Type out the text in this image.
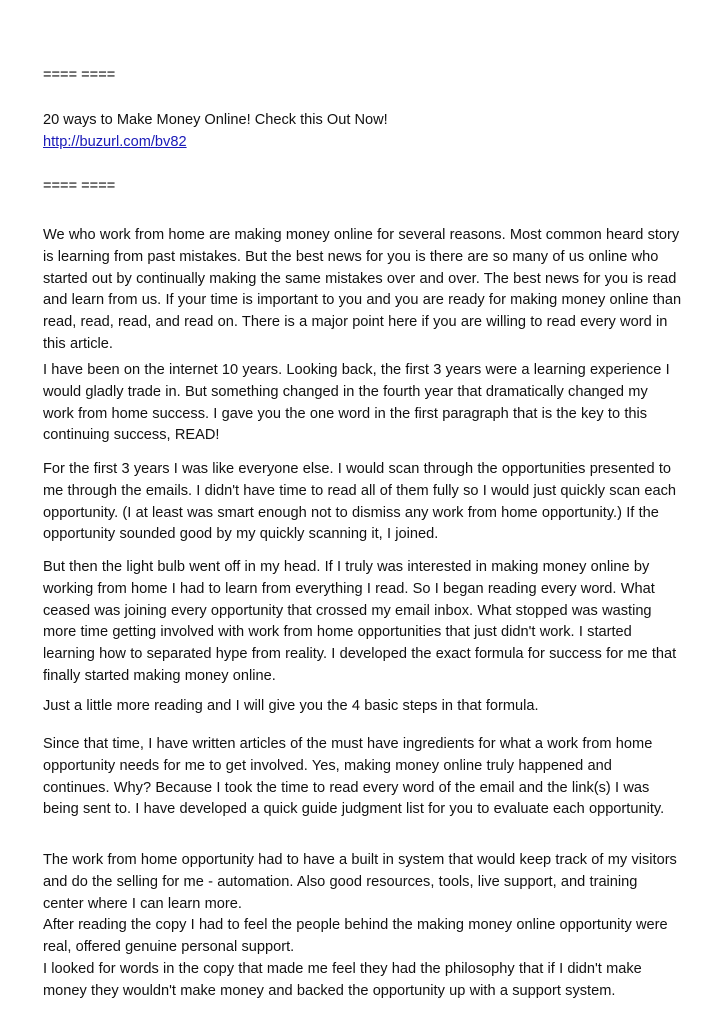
==== ====
20 ways to Make Money Online! Check this Out Now!
http://buzurl.com/bv82
==== ====
We who work from home are making money online for several reasons. Most common heard story
is learning from past mistakes. But the best news for you is there are so many of us online who
started out by continually making the same mistakes over and over. The best news for you is read
and learn from us. If your time is important to you and you are ready for making money online than
read, read, read, and read on. There is a major point here if you are willing to read every word in
this article.
I have been on the internet 10 years. Looking back, the first 3 years were a learning experience I
would gladly trade in. But something changed in the fourth year that dramatically changed my
work from home success. I gave you the one word in the first paragraph that is the key to this
continuing success, READ!
For the first 3 years I was like everyone else. I would scan through the opportunities presented to
me through the emails. I didn't have time to read all of them fully so I would just quickly scan each
opportunity. (I at least was smart enough not to dismiss any work from home opportunity.) If the
opportunity sounded good by my quickly scanning it, I joined.
But then the light bulb went off in my head. If I truly was interested in making money online by
working from home I had to learn from everything I read. So I began reading every word. What
ceased was joining every opportunity that crossed my email inbox. What stopped was wasting
more time getting involved with work from home opportunities that just didn't work. I started
learning how to separated hype from reality. I developed the exact formula for success for me that
finally started making money online.
Just a little more reading and I will give you the 4 basic steps in that formula.
Since that time, I have written articles of the must have ingredients for what a work from home
opportunity needs for me to get involved. Yes, making money online truly happened and
continues. Why? Because I took the time to read every word of the email and the link(s) I was
being sent to. I have developed a quick guide judgment list for you to evaluate each opportunity.
The work from home opportunity had to have a built in system that would keep track of my visitors
and do the selling for me - automation. Also good resources, tools, live support, and training
center where I can learn more.
After reading the copy I had to feel the people behind the making money online opportunity were
real, offered genuine personal support.
I looked for words in the copy that made me feel they had the philosophy that if I didn't make
money they wouldn't make money and backed the opportunity up with a support system.
